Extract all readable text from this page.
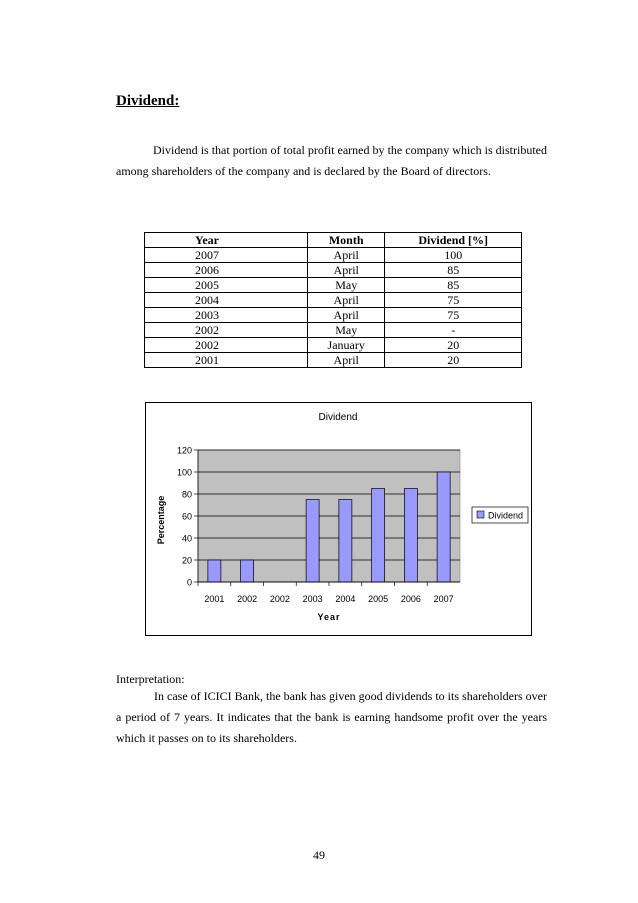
Dividend:
Dividend is that portion of total profit earned by the company which is distributed among shareholders of the company and is declared by the Board of directors.
Year	Month	Dividend [%]
2007	April	100
2006	April	85
2005	May	85
2004	April	75
2003	April	75
2002	May	-
2002	January	20
2001	April	20
Dividend
0
20
40
60
80
100
120
2001 2002 2002 2003 2004 2005 2006 2007
Year
Percentage	Dividend
Interpretation:
In case of ICICI Bank, the bank has given good dividends to its shareholders over a period of 7 years. It indicates that the bank is earning handsome profit over the years which it passes on to its shareholders.
49
